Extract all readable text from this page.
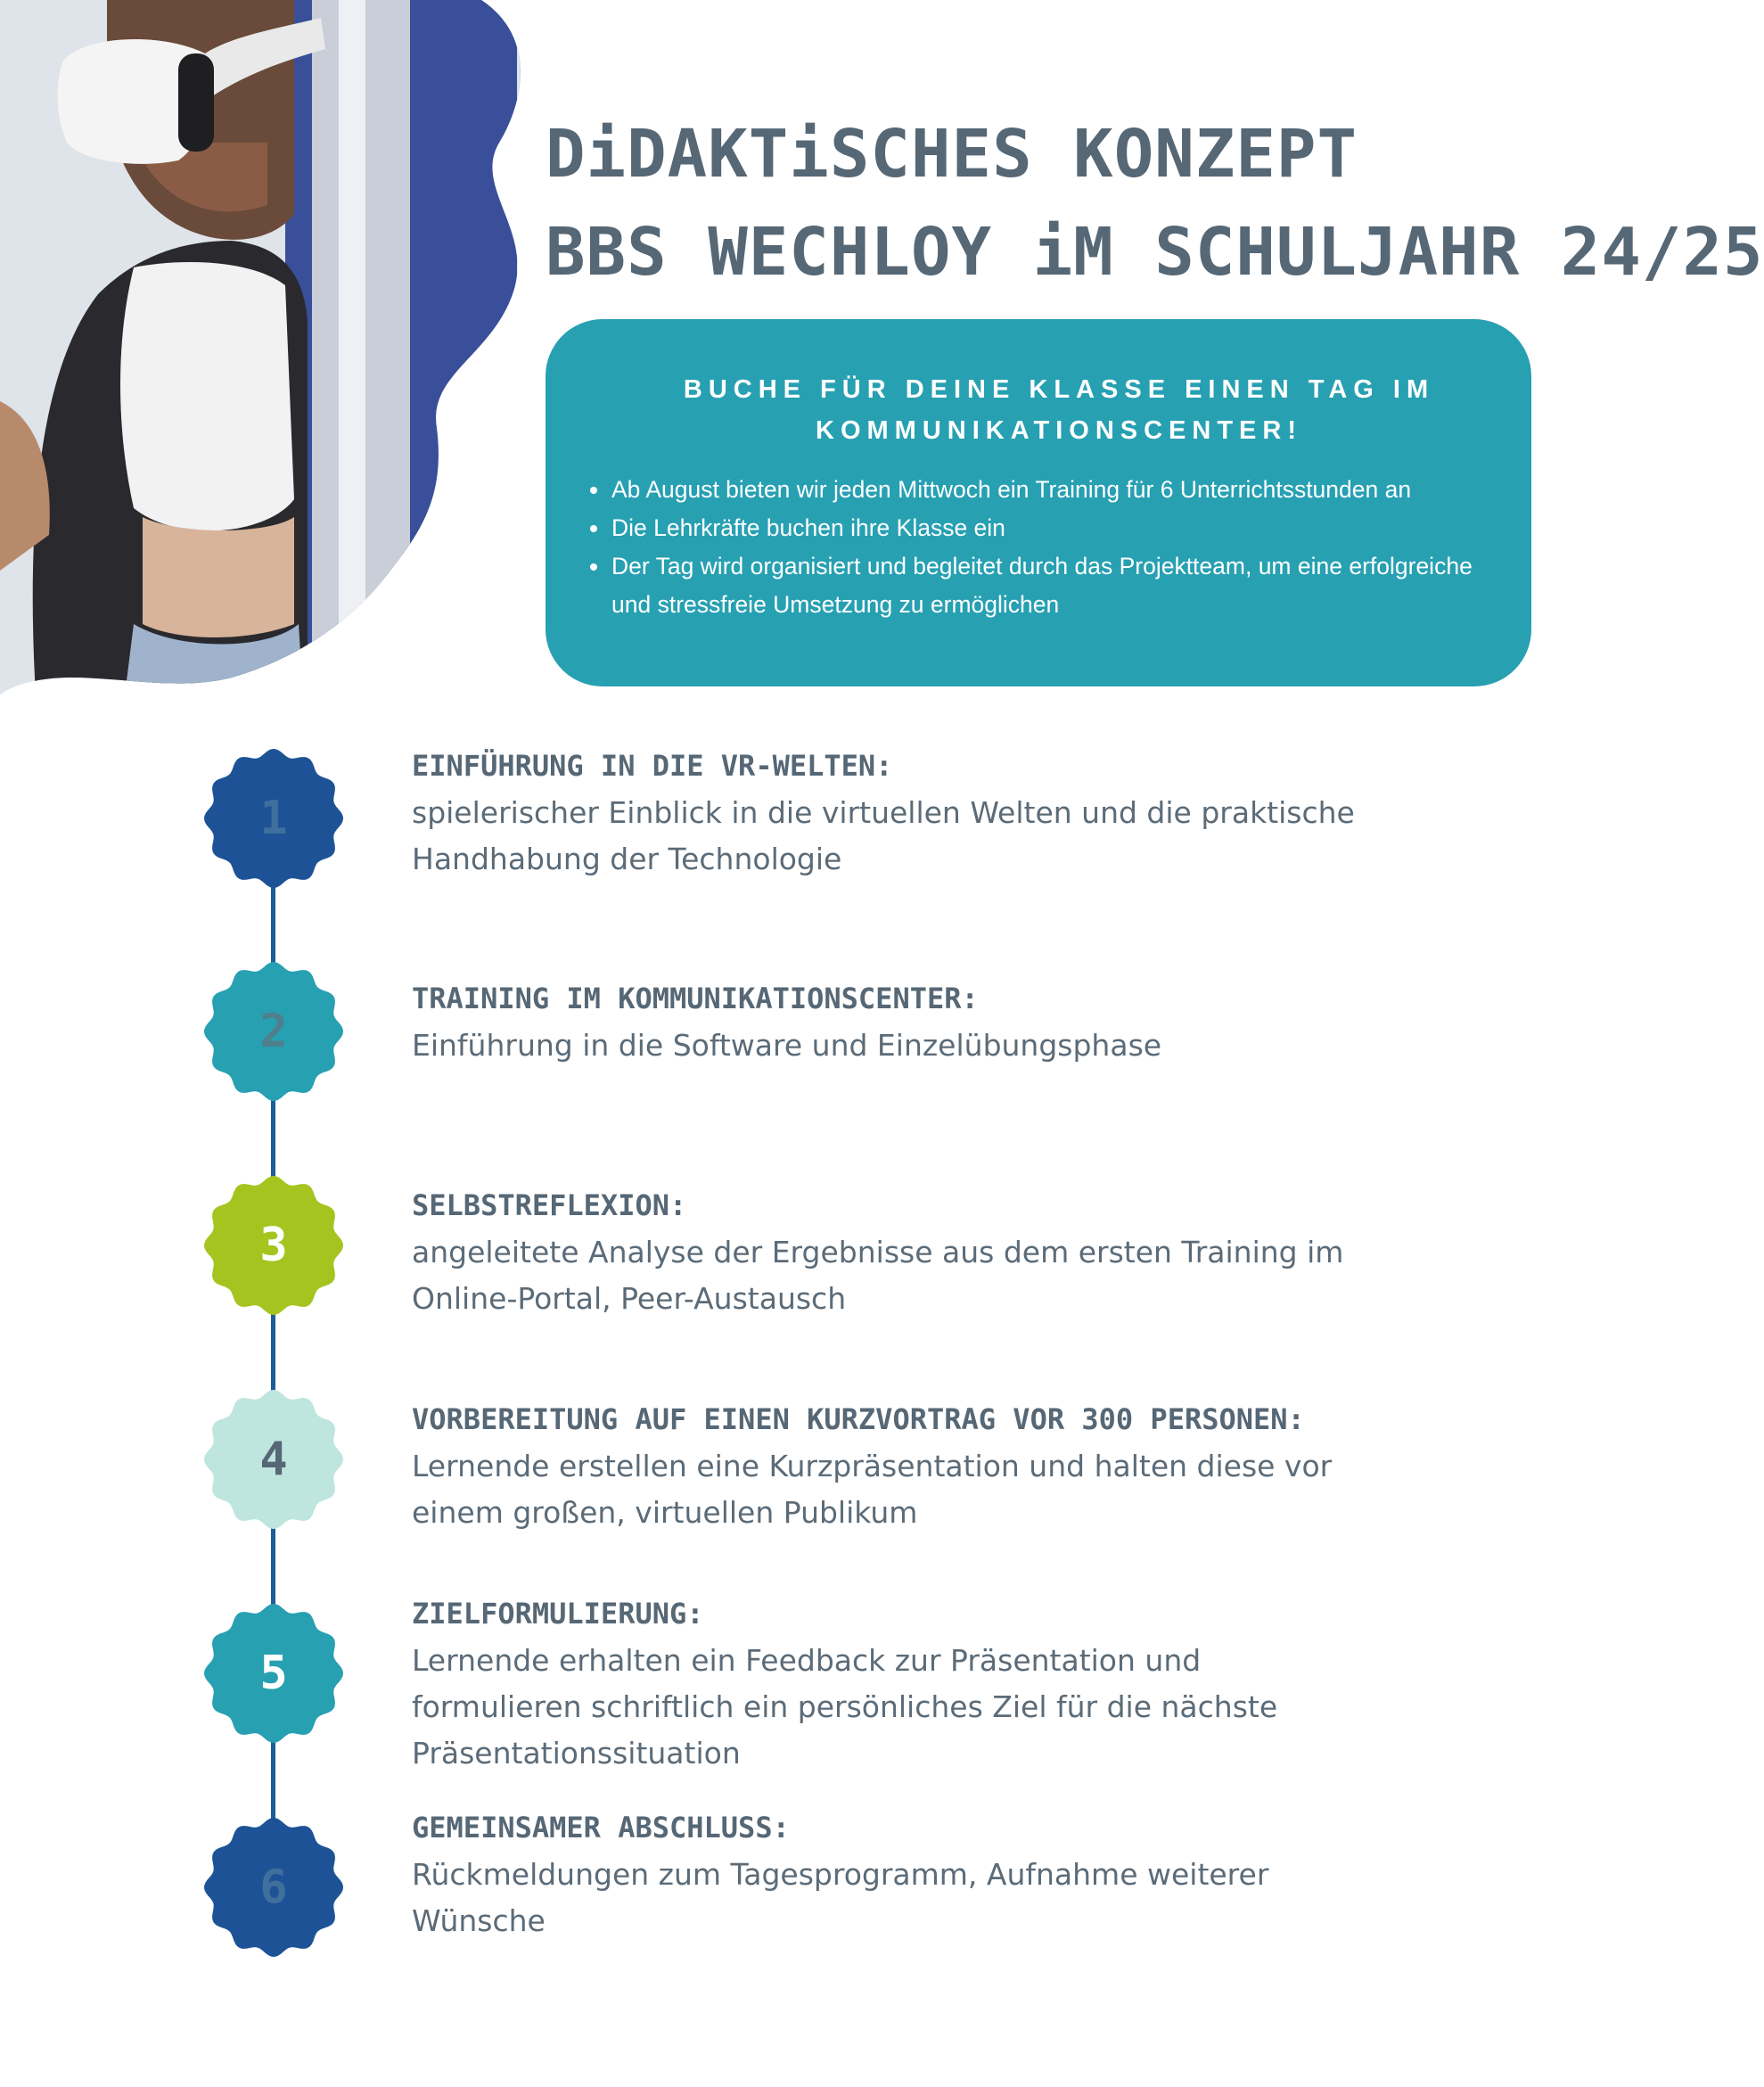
DiDAKTiSCHES KONZEPT
BBS WECHLOY iM SCHULJAHR 24/25
BUCHE FÜR DEINE KLASSE EINEN TAG IM KOMMUNIKATIONSCENTER!
Ab August bieten wir jeden Mittwoch ein Training für 6 Unterrichtsstunden an
Die Lehrkräfte buchen ihre Klasse ein
Der Tag wird organisiert und begleitet durch das Projektteam, um eine erfolgreiche und stressfreie Umsetzung zu ermöglichen
1
EINFÜHRUNG IN DIE VR-WELTEN:
spielerischer Einblick in die virtuellen Welten und die praktische Handhabung der Technologie
2
TRAINING IM KOMMUNIKATIONSCENTER:
Einführung in die Software und Einzelübungsphase
3
SELBSTREFLEXION:
angeleitete Analyse der Ergebnisse aus dem ersten Training im Online-Portal, Peer-Austausch
4
VORBEREITUNG AUF EINEN KURZVORTRAG VOR 300 PERSONEN:
Lernende erstellen eine Kurzpräsentation und halten diese vor einem großen, virtuellen Publikum
5
ZIELFORMULIERUNG:
Lernende erhalten ein Feedback zur Präsentation und formulieren schriftlich ein persönliches Ziel für die nächste Präsentationssituation
6
GEMEINSAMER ABSCHLUSS:
Rückmeldungen zum Tagesprogramm, Aufnahme weiterer Wünsche
